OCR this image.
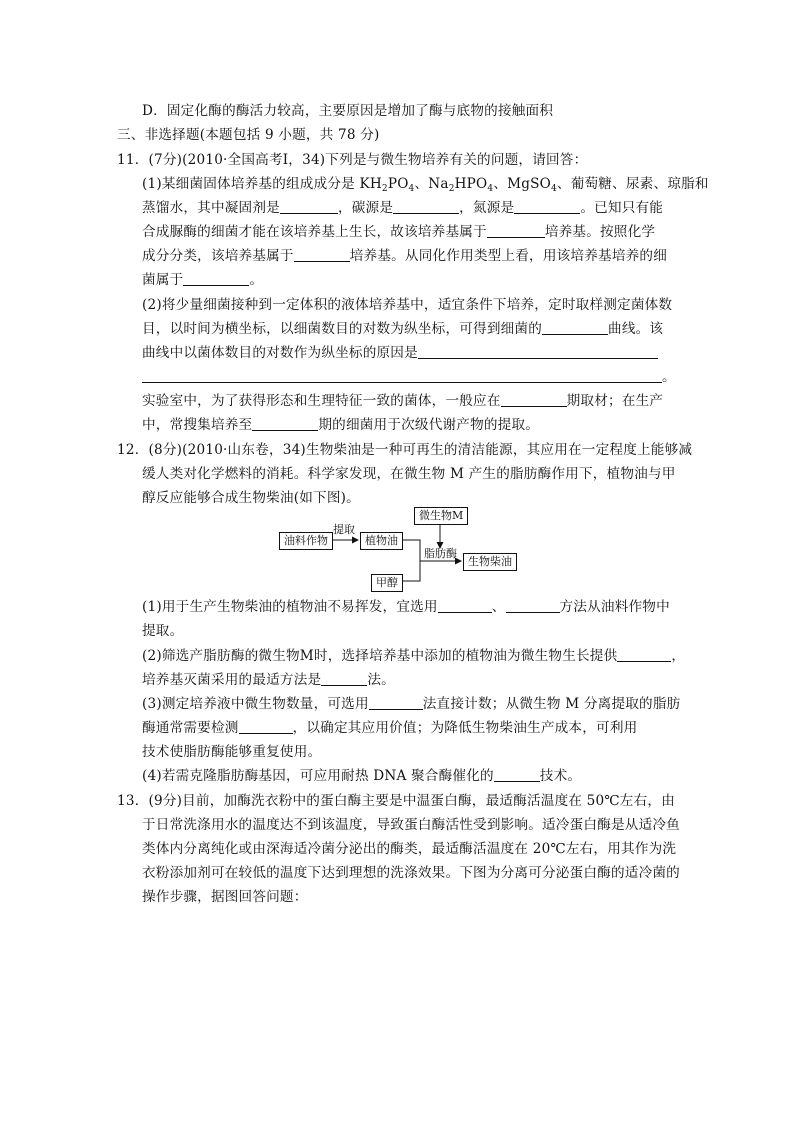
D．固定化酶的酶活力较高，主要原因是增加了酶与底物的接触面积
三、非选择题(本题包括 9 小题，共 78 分)
11．(7分)(2010·全国高考Ⅰ，34)下列是与微生物培养有关的问题，请回答：
(1)某细菌固体培养基的组成成分是 $KH_2PO_4$、$Na_2HPO_4$、MgSO$_4$、葡萄糖、尿素、琼脂和
蒸馏水，其中凝固剂是	，碳源是	，氮源是	。已知只有能
合成脲酶的细菌才能在该培养基上生长，故该培养基属于	培养基。按照化学
成分分类，该培养基属于	培养基。从同化作用类型上看，用该培养基培养的细
菌属于	。
(2)将少量细菌接种到一定体积的液体培养基中，适宜条件下培养，定时取样测定菌体数
目，以时间为横坐标，以细菌数目的对数为纵坐标，可得到细菌的	曲线。该
曲线中以菌体数目的对数作为纵坐标的原因是
。
实验室中，为了获得形态和生理特征一致的菌体，一般应在	期取材；在生产
中，常搜集培养至	期的细菌用于次级代谢产物的提取。
12．(8分)(2010·山东卷，34)生物柴油是一种可再生的清洁能源，其应用在一定程度上能够减
缓人类对化学燃料的消耗。科学家发现，在微生物 M 产生的脂肪酶作用下，植物油与甲
醇反应能够合成生物柴油(如下图)。
油料作物
提取
植物油
微生物M
脂肪酶
甲醇
生物柴油
(1)用于生产生物柴油的植物油不易挥发，宜选用	、	方法从油料作物中
提取。
(2)筛选产脂肪酶的微生物M时，选择培养基中添加的植物油为微生物生长提供	，
培养基灭菌采用的最适方法是	法。
(3)测定培养液中微生物数量，可选用	法直接计数；从微生物 M 分离提取的脂肪
酶通常需要检测	，以确定其应用价值；为降低生物柴油生产成本，可利用
技术使脂肪酶能够重复使用。
(4)若需克隆脂肪酶基因，可应用耐热 DNA 聚合酶催化的	技术。
13．(9分)目前，加酶洗衣粉中的蛋白酶主要是中温蛋白酶，最适酶活温度在 50℃左右，由
于日常洗涤用水的温度达不到该温度，导致蛋白酶活性受到影响。适冷蛋白酶是从适冷鱼
类体内分离纯化或由深海适冷菌分泌出的酶类，最适酶活温度在 20℃左右，用其作为洗
衣粉添加剂可在较低的温度下达到理想的洗涤效果。下图为分离可分泌蛋白酶的适冷菌的
操作步骤，据图回答问题：
